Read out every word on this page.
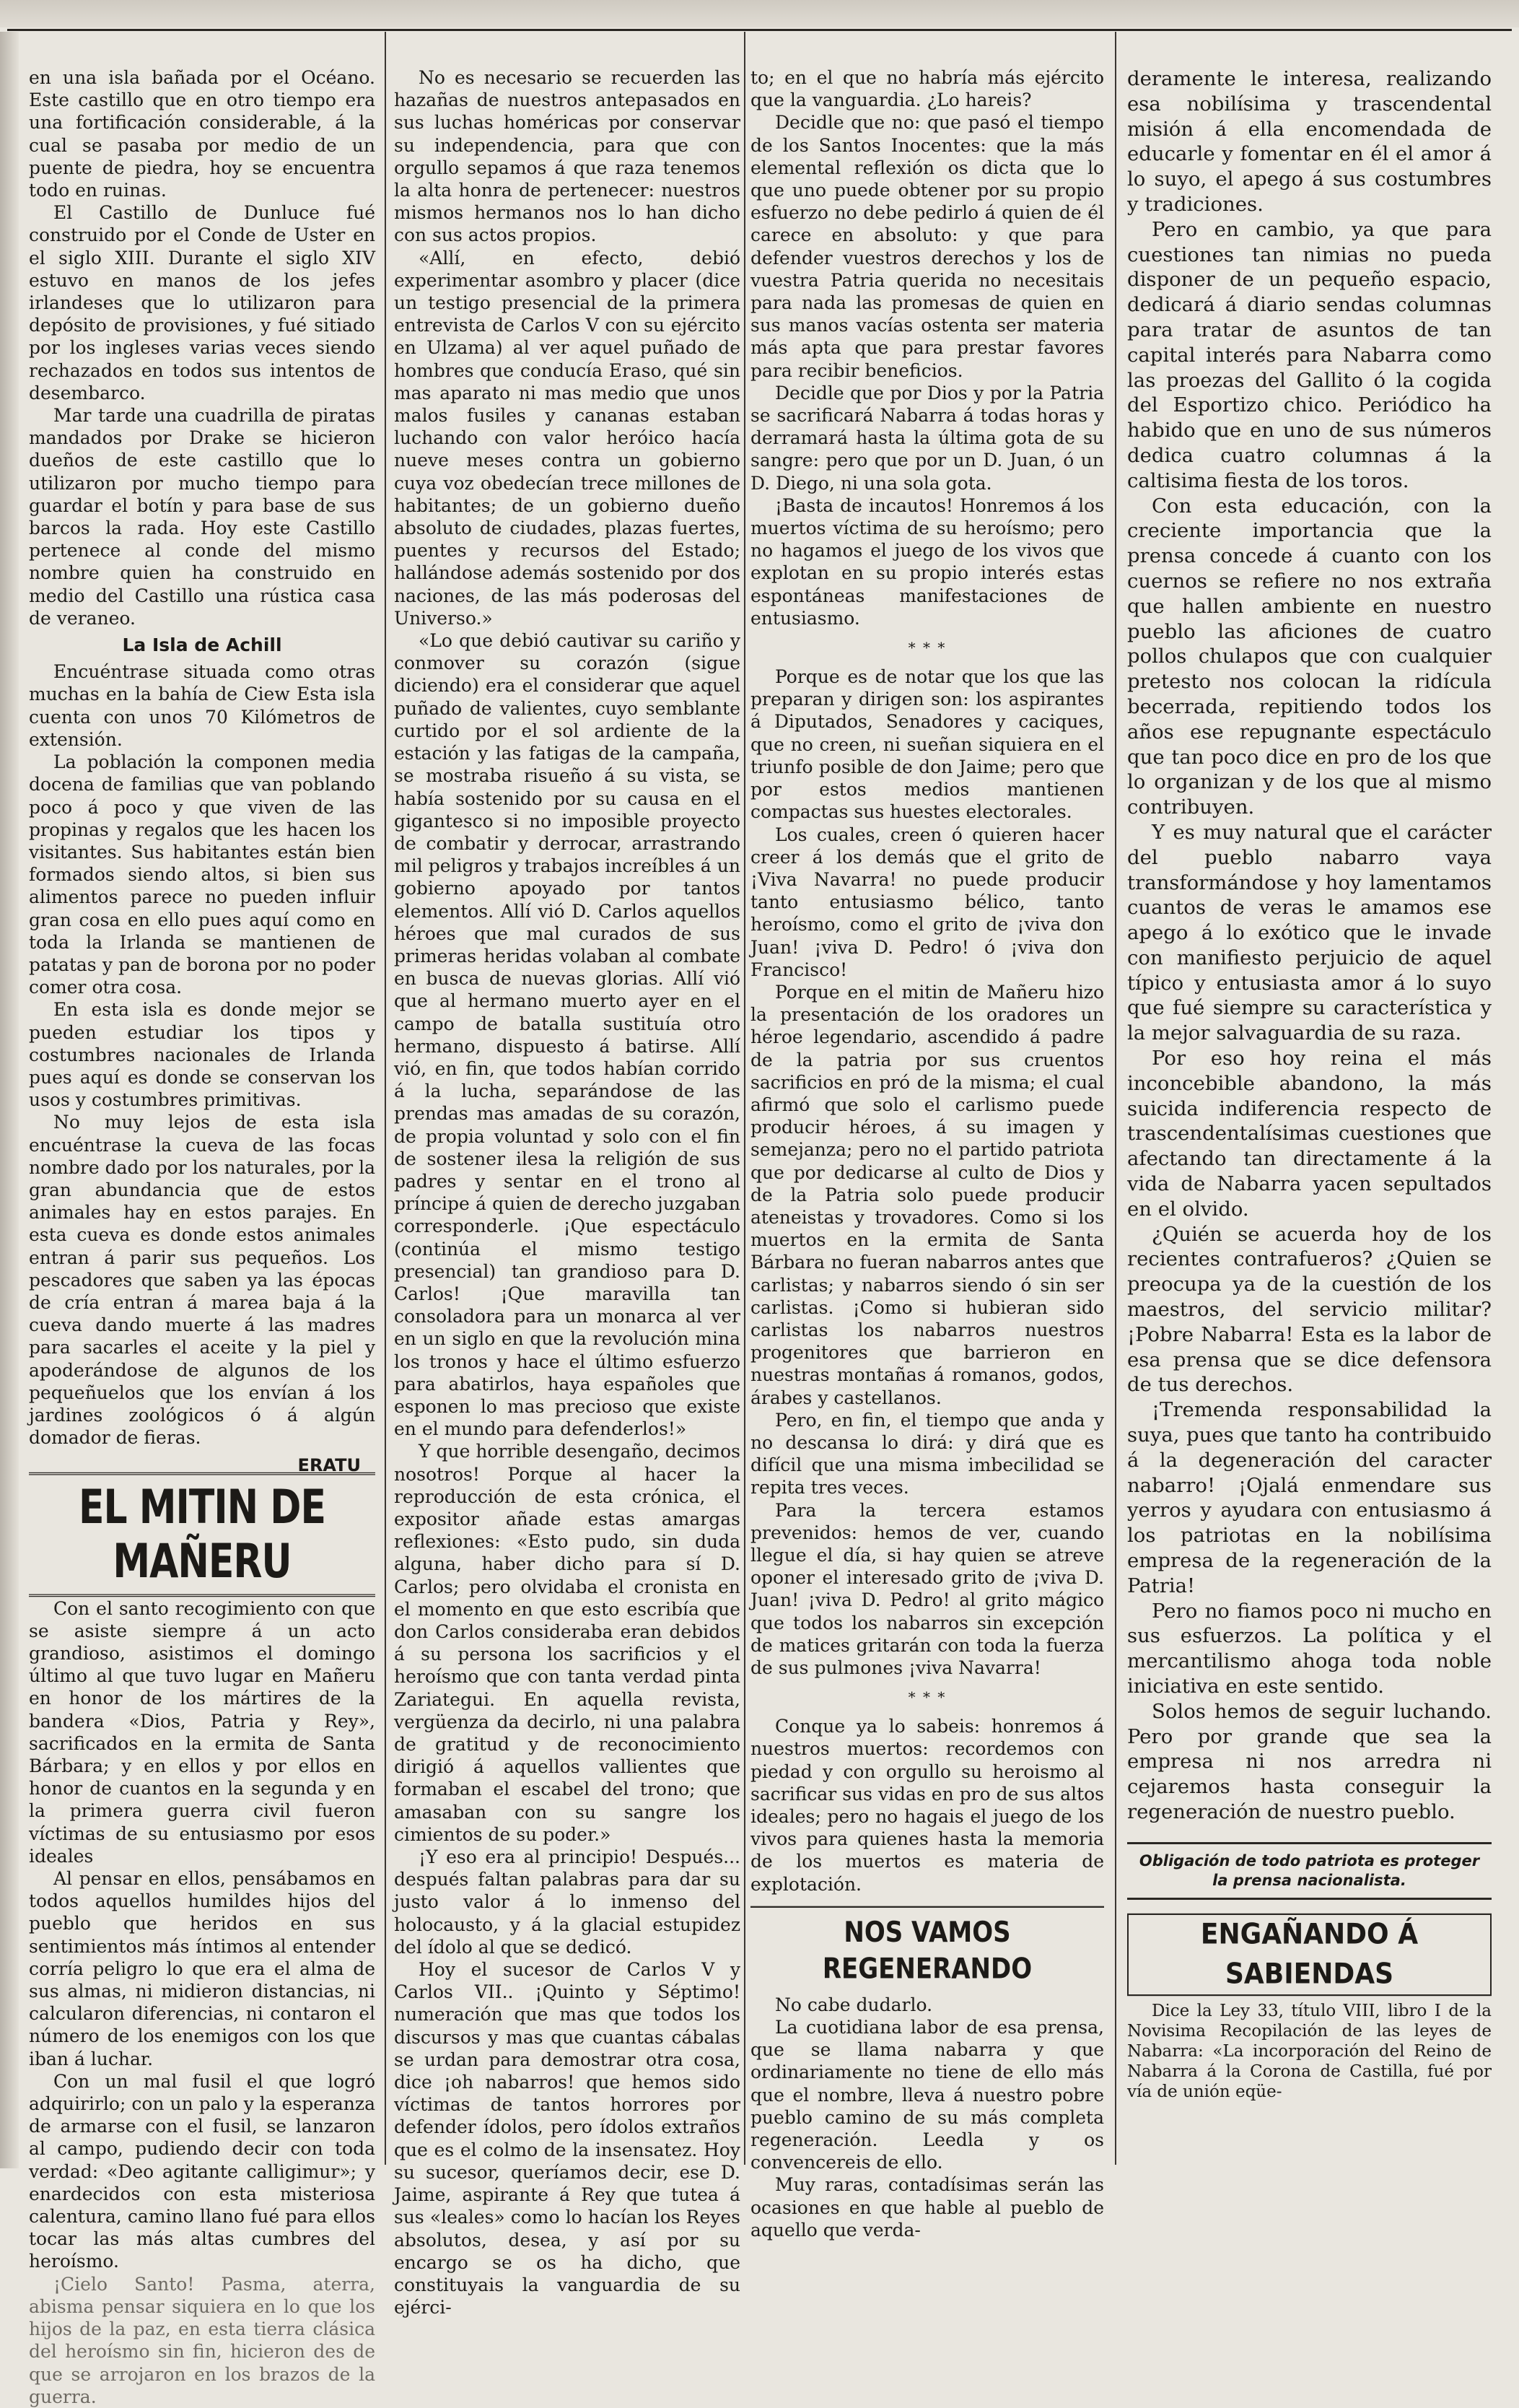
en una isla bañada por el Océano. Este castillo que en otro tiempo era una fortificación considerable, á la cual se pasaba por medio de un puente de piedra, hoy se encuentra todo en ruinas.

El Castillo de Dunluce fué construido por el Conde de Uster en el siglo XIII. Durante el siglo XIV estuvo en manos de los jefes irlandeses que lo utilizaron para depósito de provisiones, y fué sitiado por los ingleses varias veces siendo rechazados en todos sus intentos de desembarco.

Mar tarde una cuadrilla de piratas mandados por Drake se hicieron dueños de este castillo que lo utilizaron por mucho tiempo para guardar el botín y para base de sus barcos la rada. Hoy este Castillo pertenece al conde del mismo nombre quien ha construido en medio del Castillo una rústica casa de veraneo.

La Isla de Achill

Encuéntrase situada como otras muchas en la bahía de Ciew Esta isla cuenta con unos 70 Kilómetros de extensión.

La población la componen media docena de familias que van poblando poco á poco y que viven de las propinas y regalos que les hacen los visitantes. Sus habitantes están bien formados siendo altos, si bien sus alimentos parece no pueden influir gran cosa en ello pues aquí como en toda la Irlanda se mantienen de patatas y pan de borona por no poder comer otra cosa.

En esta isla es donde mejor se pueden estudiar los tipos y costumbres nacionales de Irlanda pues aquí es donde se conservan los usos y costumbres primitivas.

No muy lejos de esta isla encuéntrase la cueva de las focas nombre dado por los naturales, por la gran abundancia que de estos animales hay en estos parajes. En esta cueva es donde estos animales entran á parir sus pequeños. Los pescadores que saben ya las épocas de cría entran á marea baja á la cueva dando muerte á las madres para sacarles el aceite y la piel y apoderándose de algunos de los pequeñuelos que los envían á los jardines zoológicos ó á algún domador de fieras.

ERATU
EL MITIN DE MAÑERU

Con el santo recogimiento con que se asiste siempre á un acto grandioso, asistimos el domingo último al que tuvo lugar en Mañeru en honor de los mártires de la bandera «Dios, Patria y Rey», sacrificados en la ermita de Santa Bárbara; y en ellos y por ellos en honor de cuantos en la segunda y en la primera guerra civil fueron víctimas de su entusiasmo por esos ideales

Al pensar en ellos, pensábamos en todos aquellos humildes hijos del pueblo que heridos en sus sentimientos más íntimos al entender corría peligro lo que era el alma de sus almas, ni midieron distancias, ni calcularon diferencias, ni contaron el número de los enemigos con los que iban á luchar.

Con un mal fusil el que logró adquirirlo; con un palo y la esperanza de armarse con el fusil, se lanzaron al campo, pudiendo decir con toda verdad: «Deo agitante calligimur»; y enardecidos con esta misteriosa calentura, camino llano fué para ellos tocar las más altas cumbres del heroísmo.

¡Cielo Santo! Pasma, aterra, abisma pensar siquiera en lo que los hijos de la paz, en esta tierra clásica del heroísmo sin fin, hicieron des de que se arrojaron en los brazos de la guerra.

No es necesario se recuerden las hazañas de nuestros antepasados en sus luchas homéricas por conservar su independencia, para que con orgullo sepamos á que raza tenemos la alta honra de pertenecer: nuestros mismos hermanos nos lo han dicho con sus actos propios.

«Allí, en efecto, debió experimentar asombro y placer (dice un testigo presencial de la primera entrevista de Carlos V con su ejército en Ulzama) al ver aquel puñado de hombres que conducía Eraso, qué sin mas aparato ni mas medio que unos malos fusiles y cananas estaban luchando con valor heróico hacía nueve meses contra un gobierno cuya voz obedecían trece millones de habitantes; de un gobierno dueño absoluto de ciudades, plazas fuertes, puentes y recursos del Estado; hallándose además sostenido por dos naciones, de las más poderosas del Universo.»

«Lo que debió cautivar su cariño y conmover su corazón (sigue diciendo) era el considerar que aquel puñado de valientes, cuyo semblante curtido por el sol ardiente de la estación y las fatigas de la campaña, se mostraba risueño á su vista, se había sostenido por su causa en el gigantesco si no imposible proyecto de combatir y derrocar, arrastrando mil peligros y trabajos increíbles á un gobierno apoyado por tantos elementos. Allí vió D. Carlos aquellos héroes que mal curados de sus primeras heridas volaban al combate en busca de nuevas glorias. Allí vió que al hermano muerto ayer en el campo de batalla sustituía otro hermano, dispuesto á batirse. Allí vió, en fin, que todos habían corrido á la lucha, separándose de las prendas mas amadas de su corazón, de propia voluntad y solo con el fin de sostener ilesa la religión de sus padres y sentar en el trono al príncipe á quien de derecho juzgaban corresponderle. ¡Que espectáculo (continúa el mismo testigo presencial) tan grandioso para D. Carlos! ¡Que maravilla tan consoladora para un monarca al ver en un siglo en que la revolución mina los tronos y hace el último esfuerzo para abatirlos, haya españoles que esponen lo mas precioso que existe en el mundo para defenderlos!»

Y que horrible desengaño, decimos nosotros! Porque al hacer la reproducción de esta crónica, el expositor añade estas amargas reflexiones: «Esto pudo, sin duda alguna, haber dicho para sí D. Carlos; pero olvidaba el cronista en el momento en que esto escribía que don Carlos consideraba eran debidos á su persona los sacrificios y el heroísmo que con tanta verdad pinta Zariategui. En aquella revista, vergüenza da decirlo, ni una palabra de gratitud y de reconocimiento dirigió á aquellos vallientes que formaban el escabel del trono; que amasaban con su sangre los cimientos de su poder.»

¡Y eso era al principio! Después... después faltan palabras para dar su justo valor á lo inmenso del holocausto, y á la glacial estupidez del ídolo al que se dedicó.

Hoy el sucesor de Carlos V y Carlos VII.. ¡Quinto y Séptimo! numeración que mas que todos los discursos y mas que cuantas cábalas se urdan para demostrar otra cosa, dice ¡oh nabarros! que hemos sido víctimas de tantos horrores por defender ídolos, pero ídolos extraños que es el colmo de la insensatez. Hoy su sucesor, queríamos decir, ese D. Jaime, aspirante á Rey que tutea á sus «leales» como lo hacían los Reyes absolutos, desea, y así por su encargo se os ha dicho, que constituyais la vanguardia de su ejérci-

to; en el que no habría más ejército que la vanguardia. ¿Lo hareis?

Decidle que no: que pasó el tiempo de los Santos Inocentes: que la más elemental reflexión os dicta que lo que uno puede obtener por su propio esfuerzo no debe pedirlo á quien de él carece en absoluto: y que para defender vuestros derechos y los de vuestra Patria querida no necesitais para nada las promesas de quien en sus manos vacías ostenta ser materia más apta que para prestar favores para recibir beneficios.

Decidle que por Dios y por la Patria se sacrificará Nabarra á todas horas y derramará hasta la última gota de su sangre: pero que por un D. Juan, ó un D. Diego, ni una sola gota.

¡Basta de incautos! Honremos á los muertos víctima de su heroísmo; pero no hagamos el juego de los vivos que explotan en su propio interés estas espontáneas manifestaciones de entusiasmo.

* * *

Porque es de notar que los que las preparan y dirigen son: los aspirantes á Diputados, Senadores y caciques, que no creen, ni sueñan siquiera en el triunfo posible de don Jaime; pero que por estos medios mantienen compactas sus huestes electorales.

Los cuales, creen ó quieren hacer creer á los demás que el grito de ¡Viva Navarra! no puede producir tanto entusiasmo bélico, tanto heroísmo, como el grito de ¡viva don Juan! ¡viva D. Pedro! ó ¡viva don Francisco!

Porque en el mitin de Mañeru hizo la presentación de los oradores un héroe legendario, ascendido á padre de la patria por sus cruentos sacrificios en pró de la misma; el cual afirmó que solo el carlismo puede producir héroes, á su imagen y semejanza; pero no el partido patriota que por dedicarse al culto de Dios y de la Patria solo puede producir ateneistas y trovadores. Como si los muertos en la ermita de Santa Bárbara no fueran nabarros antes que carlistas; y nabarros siendo ó sin ser carlistas. ¡Como si hubieran sido carlistas los nabarros nuestros progenitores que barrieron en nuestras montañas á romanos, godos, árabes y castellanos.

Pero, en fin, el tiempo que anda y no descansa lo dirá: y dirá que es difícil que una misma imbecilidad se repita tres veces.

Para la tercera estamos prevenidos: hemos de ver, cuando llegue el día, si hay quien se atreve oponer el interesado grito de ¡viva D. Juan! ¡viva D. Pedro! al grito mágico que todos los nabarros sin excepción de matices gritarán con toda la fuerza de sus pulmones ¡viva Navarra!

* * *

Conque ya lo sabeis: honremos á nuestros muertos: recordemos con piedad y con orgullo su heroismo al sacrificar sus vidas en pro de sus altos ideales; pero no hagais el juego de los vivos para quienes hasta la memoria de los muertos es materia de explotación.

NOS VAMOS REGENERANDO

No cabe dudarlo.

La cuotidiana labor de esa prensa, que se llama nabarra y que ordinariamente no tiene de ello más que el nombre, lleva á nuestro pobre pueblo camino de su más completa regeneración. Leedla y os convencereis de ello.

Muy raras, contadísimas serán las ocasiones en que hable al pueblo de aquello que verda-

deramente le interesa, realizando esa nobilísima y trascendental misión á ella encomendada de educarle y fomentar en él el amor á lo suyo, el apego á sus costumbres y tradiciones.

Pero en cambio, ya que para cuestiones tan nimias no pueda disponer de un pequeño espacio, dedicará á diario sendas columnas para tratar de asuntos de tan capital interés para Nabarra como las proezas del Gallito ó la cogida del Esportizo chico. Periódico ha habido que en uno de sus números dedica cuatro columnas á la caltisima fiesta de los toros.

Con esta educación, con la creciente importancia que la prensa concede á cuanto con los cuernos se refiere no nos extraña que hallen ambiente en nuestro pueblo las aficiones de cuatro pollos chulapos que con cualquier pretesto nos colocan la ridícula becerrada, repitiendo todos los años ese repugnante espectáculo que tan poco dice en pro de los que lo organizan y de los que al mismo contribuyen.

Y es muy natural que el carácter del pueblo nabarro vaya transformándose y hoy lamentamos cuantos de veras le amamos ese apego á lo exótico que le invade con manifiesto perjuicio de aquel típico y entusiasta amor á lo suyo que fué siempre su característica y la mejor salvaguardia de su raza.

Por eso hoy reina el más inconcebible abandono, la más suicida indiferencia respecto de trascendentalísimas cuestiones que afectando tan directamente á la vida de Nabarra yacen sepultados en el olvido.

¿Quién se acuerda hoy de los recientes contrafueros? ¿Quien se preocupa ya de la cuestión de los maestros, del servicio militar? ¡Pobre Nabarra! Esta es la labor de esa prensa que se dice defensora de tus derechos.

¡Tremenda responsabilidad la suya, pues que tanto ha contribuido á la degeneración del caracter nabarro! ¡Ojalá enmendare sus yerros y ayudara con entusiasmo á los patriotas en la nobilísima empresa de la regeneración de la Patria!

Pero no fiamos poco ni mucho en sus esfuerzos. La política y el mercantilismo ahoga toda noble iniciativa en este sentido.

Solos hemos de seguir luchando. Pero por grande que sea la empresa ni nos arredra ni cejaremos hasta conseguir la regeneración de nuestro pueblo.

Obligación de todo patriota es proteger la prensa nacionalista.
ENGAÑANDO Á SABIENDAS

Dice la Ley 33, título VIII, libro I de la Novisima Recopilación de las leyes de Nabarra: «La incorporación del Reino de Nabarra á la Corona de Castilla, fué por vía de unión eqüe-
